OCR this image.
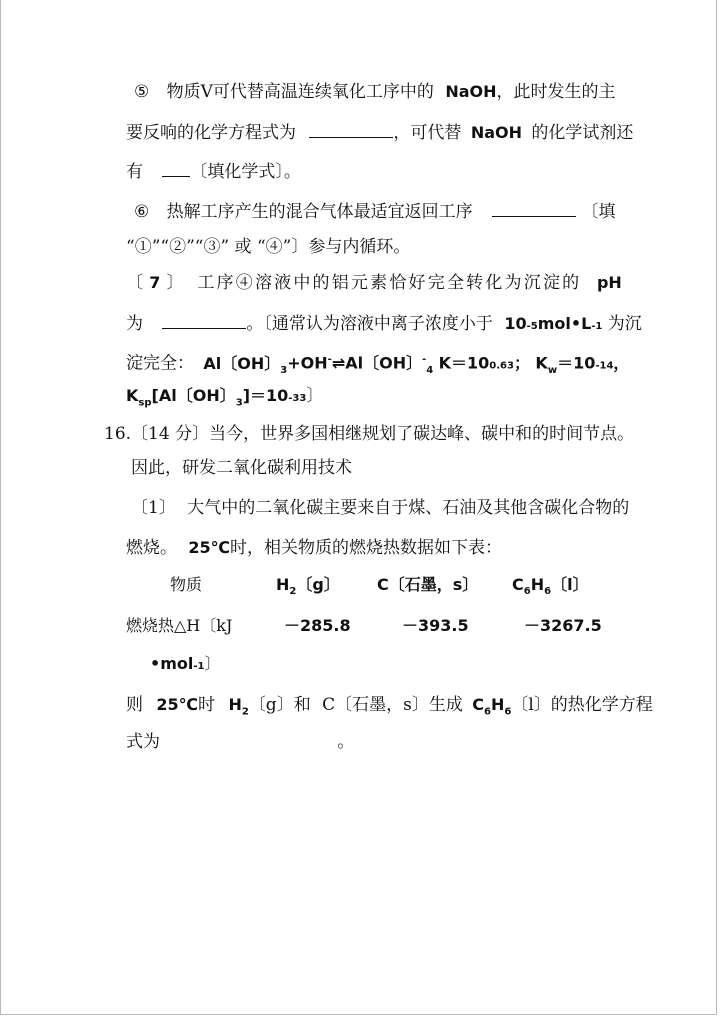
⑤ 物质Ⅴ可代替高温连续氧化工序中的 NaOH，此时发生的主
要反响的化学方程式为	，可代替 NaOH 的化学试剂还
有	〔填化学式〕。
⑥ 热解工序产生的混合气体最适宜返回工序	〔填
“①”“②”“③” 或 “④”〕参与内循环。
〔 7 〕 工序④溶液中的铝元素恰好完全转化为沉淀的 pH
为	。〔通常认为溶液中离子浓度小于 10-5mol•L-1 为沉
淀完全： Al〔OH〕$_3$+OH-⇌Al〔OH〕-$_4$ K＝100.63； $K_w=10-14$，
$K_{sp}[Al$〔OH〕$_3$]＝10-33〕
16.〔14 分〕当今，世界多国相继规划了碳达峰、碳中和的时间节点。
因此，研发二氧化碳利用技术
〔1〕 大气中的二氧化碳主要来自于煤、石油及其他含碳化合物的
燃烧。 25℃时，相关物质的燃烧热数据如下表：
物质	$H_2$〔g〕 C〔石墨，s〕 $C_6H_6$〔l〕
燃烧热△H〔kJ	－285.8	－393.5	－3267.5
•mol-1〕
则 25℃时 $H_2$〔g〕和 C〔石墨，s〕生成 $C_6H_6$〔l〕的热化学方程
式为	。
